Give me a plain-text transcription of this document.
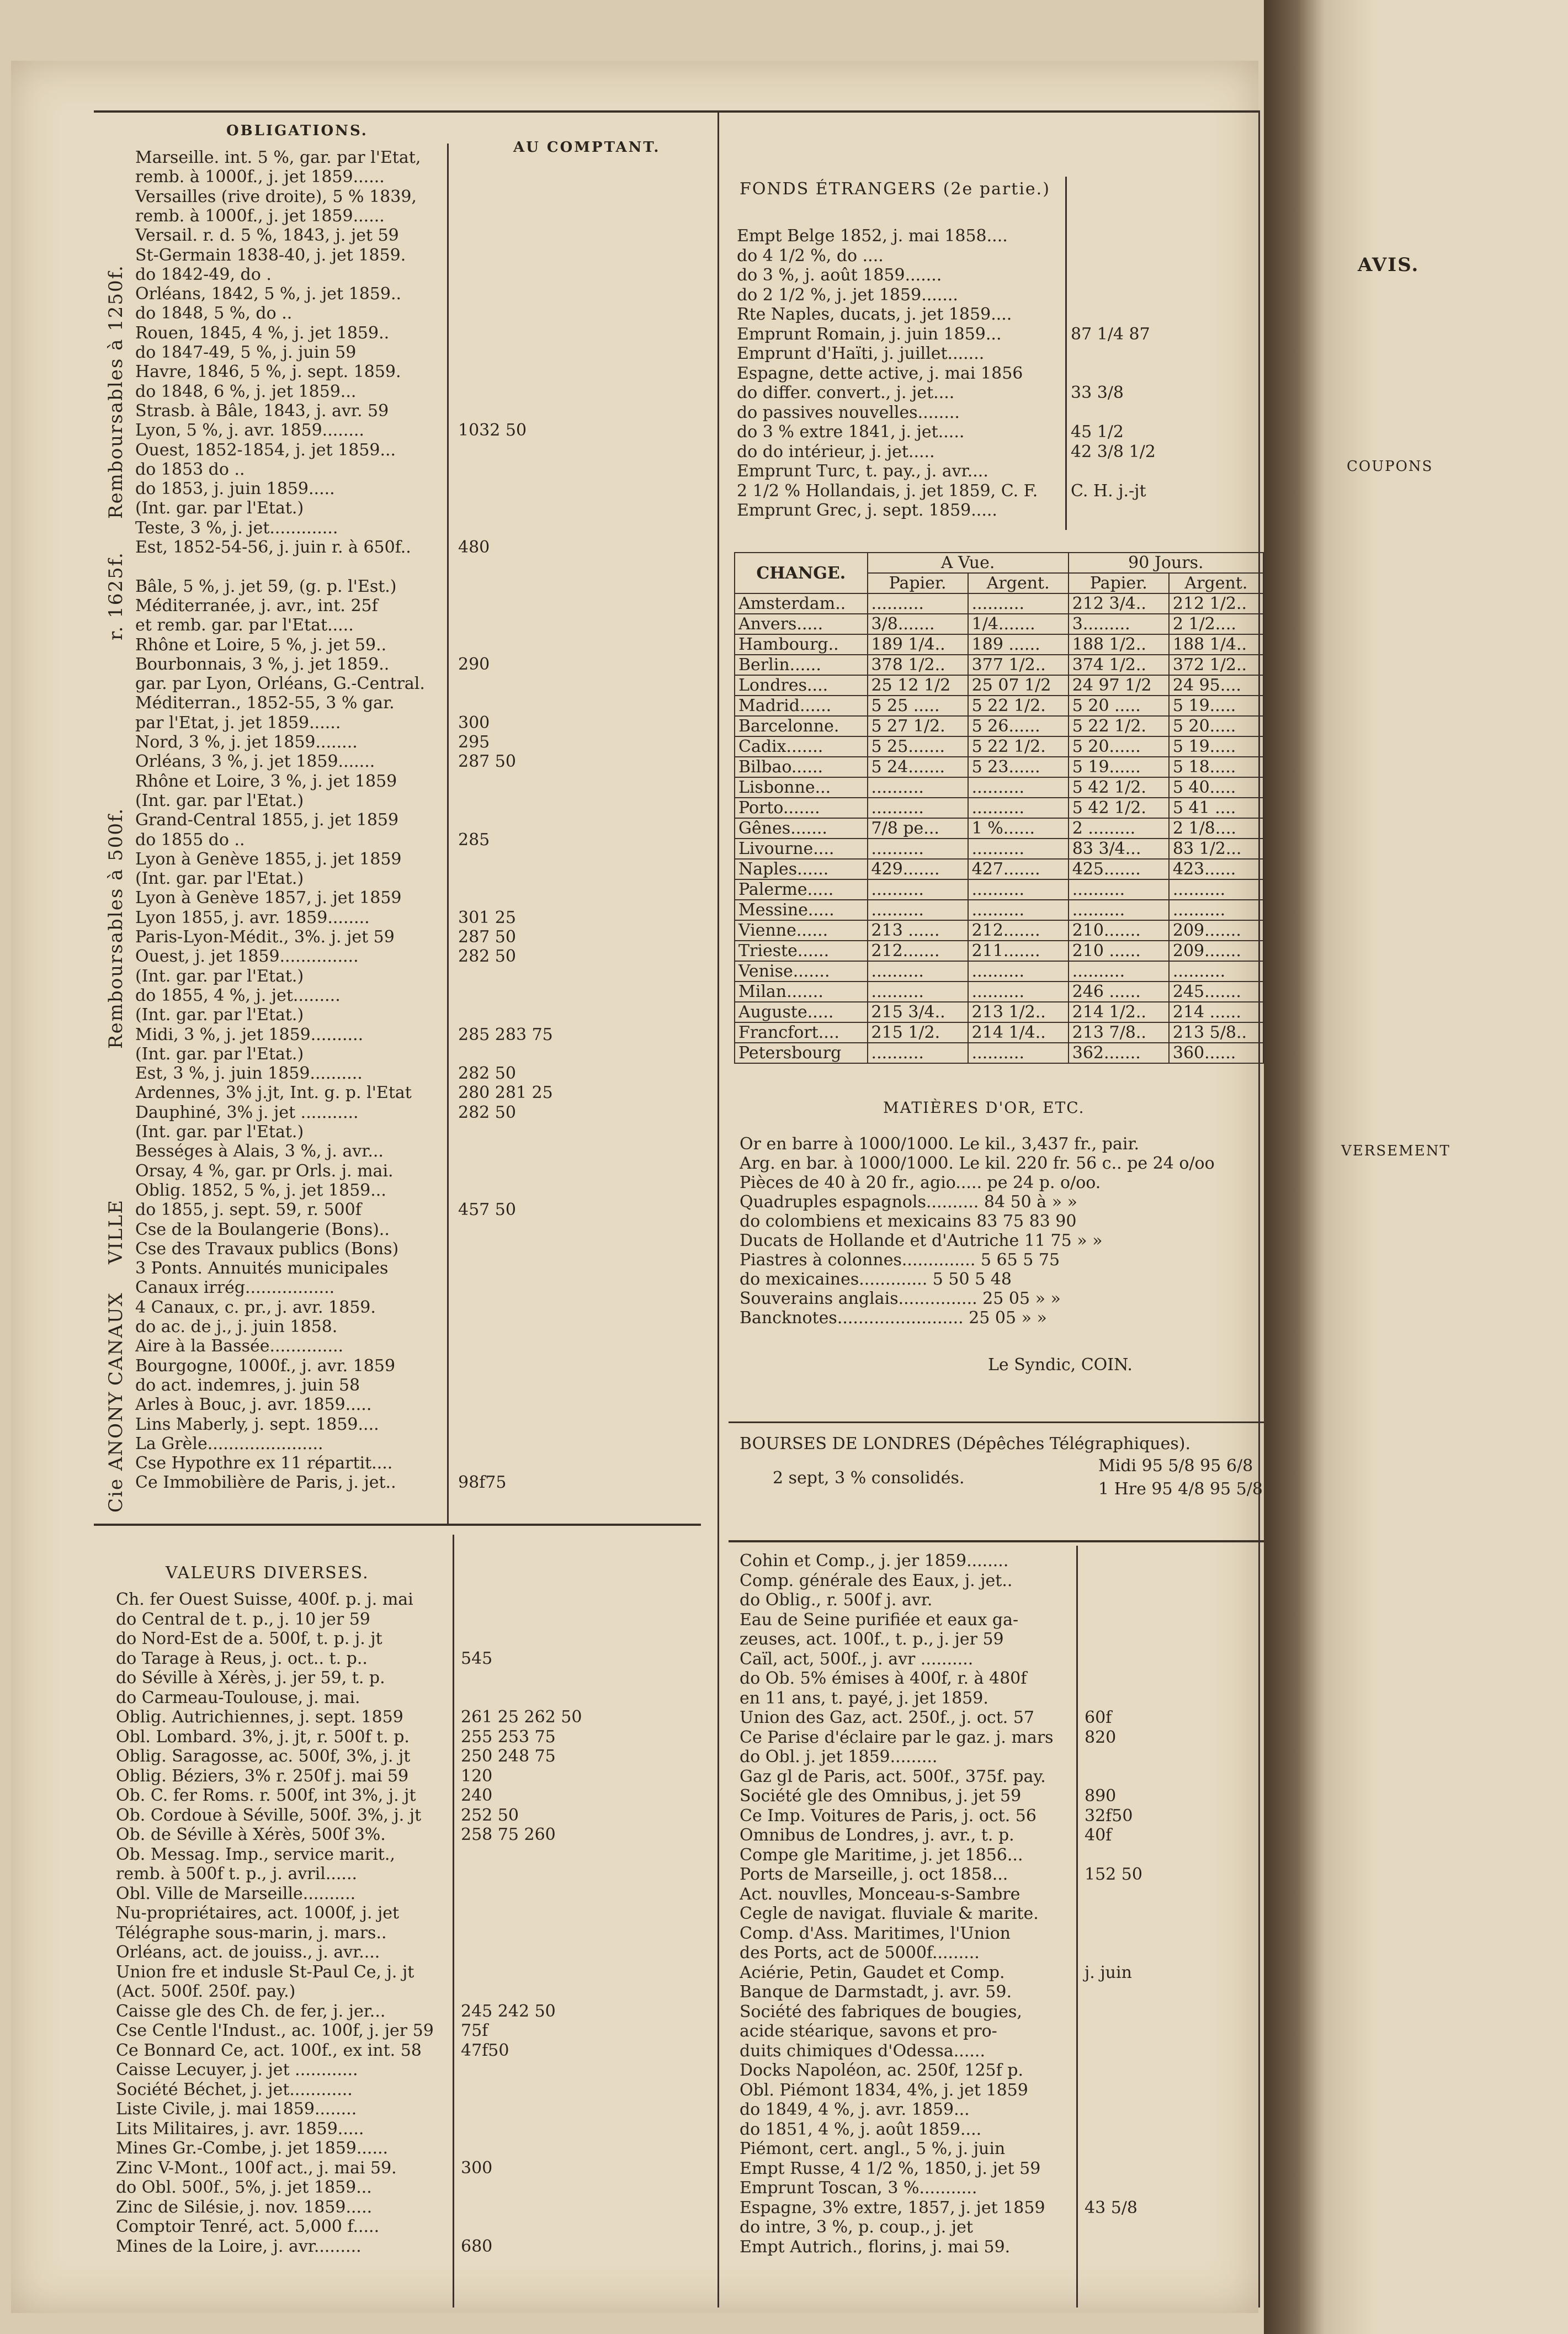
OBLIGATIONS.
AU COMPTANT.
FONDS ÉTRANGERS (2e partie.)
AVIS.
COUPONS
VERSEMENT
Remboursables à 1250f.
r. 1625f.
Remboursables à 500f.
VILLE
CANAUX
Cie ANONY
Marseille. int. 5 %, gar. par l'Etat,
remb. à 1000f., j. jet 1859......
Versailles (rive droite), 5 % 1839,
remb. à 1000f., j. jet 1859......
Versail. r. d. 5 %, 1843, j. jet 59
St-Germain 1838-40, j. jet 1859.
do 1842-49, do .
Orléans, 1842, 5 %, j. jet 1859..
do 1848, 5 %, do ..
Rouen, 1845, 4 %, j. jet 1859..
do 1847-49, 5 %, j. juin 59
Havre, 1846, 5 %, j. sept. 1859.
do 1848, 6 %, j. jet 1859...
Strasb. à Bâle, 1843, j. avr. 59
Lyon, 5 %, j. avr. 1859........	1032 50
Ouest, 1852-1854, j. jet 1859...
do 1853 do ..
do 1853, j. juin 1859.....
(Int. gar. par l'Etat.)
Teste, 3 %, j. jet.............
Est, 1852-54-56, j. juin r. à 650f..	480
Bâle, 5 %, j. jet 59, (g. p. l'Est.)
Méditerranée, j. avr., int. 25f
et remb. gar. par l'Etat.....
Rhône et Loire, 5 %, j. jet 59..
Bourbonnais, 3 %, j. jet 1859..	290
gar. par Lyon, Orléans, G.-Central.
Méditerran., 1852-55, 3 % gar.
par l'Etat, j. jet 1859......	300
Nord, 3 %, j. jet 1859........	295
Orléans, 3 %, j. jet 1859.......	287 50
Rhône et Loire, 3 %, j. jet 1859
(Int. gar. par l'Etat.)
Grand-Central 1855, j. jet 1859
do 1855 do ..	285
Lyon à Genève 1855, j. jet 1859
(Int. gar. par l'Etat.)
Lyon à Genève 1857, j. jet 1859
Lyon 1855, j. avr. 1859........	301 25
Paris-Lyon-Médit., 3%. j. jet 59	287 50
Ouest, j. jet 1859...............	282 50
(Int. gar. par l'Etat.)
do 1855, 4 %, j. jet.........
(Int. gar. par l'Etat.)
Midi, 3 %, j. jet 1859..........	285 283 75
(Int. gar. par l'Etat.)
Est, 3 %, j. juin 1859..........	282 50
Ardennes, 3% j.jt, Int. g. p. l'Etat	280 281 25
Dauphiné, 3% j. jet ...........	282 50
(Int. gar. par l'Etat.)
Bességes à Alais, 3 %, j. avr...
Orsay, 4 %, gar. pr Orls. j. mai.
Oblig. 1852, 5 %, j. jet 1859...
do 1855, j. sept. 59, r. 500f	457 50
Cse de la Boulangerie (Bons)..
Cse des Travaux publics (Bons)
3 Ponts. Annuités municipales
Canaux irrég.................
4 Canaux, c. pr., j. avr. 1859.
do ac. de j., j. juin 1858.
Aire à la Bassée..............
Bourgogne, 1000f., j. avr. 1859
do act. indemres, j. juin 58
Arles à Bouc, j. avr. 1859.....
Lins Maberly, j. sept. 1859....
La Grèle......................
Cse Hypothre ex 11 répartit....
Ce Immobilière de Paris, j. jet..	98f75
VALEURS DIVERSES.
Ch. fer Ouest Suisse, 400f. p. j. mai
do Central de t. p., j. 10 jer 59
do Nord-Est de a. 500f, t. p. j. jt
do Tarage à Reus, j. oct.. t. p..	545
do Séville à Xérès, j. jer 59, t. p.
do Carmeau-Toulouse, j. mai.
Oblig. Autrichiennes, j. sept. 1859	261 25 262 50
Obl. Lombard. 3%, j. jt, r. 500f t. p.	255 253 75
Oblig. Saragosse, ac. 500f, 3%, j. jt	250 248 75
Oblig. Béziers, 3% r. 250f j. mai 59	120
Ob. C. fer Roms. r. 500f, int 3%, j. jt	240
Ob. Cordoue à Séville, 500f. 3%, j. jt 252 50
Ob. de Séville à Xérès, 500f 3%.	258 75 260
Ob. Messag. Imp., service marit.,
remb. à 500f t. p., j. avril......
Obl. Ville de Marseille..........
Nu-propriétaires, act. 1000f, j. jet
Télégraphe sous-marin, j. mars..
Orléans, act. de jouiss., j. avr....
Union fre et indusle St-Paul Ce, j. jt
(Act. 500f. 250f. pay.)
Caisse gle des Ch. de fer, j. jer...	245 242 50
Cse Centle l'Indust., ac. 100f, j. jer 59 75f
Ce Bonnard Ce, act. 100f., ex int. 58 47f50
Caisse Lecuyer, j. jet ............
Société Béchet, j. jet............
Liste Civile, j. mai 1859........
Lits Militaires, j. avr. 1859.....
Mines Gr.-Combe, j. jet 1859......
Zinc V-Mont., 100f act., j. mai 59.	300
do Obl. 500f., 5%, j. jet 1859...
Zinc de Silésie, j. nov. 1859.....
Comptoir Tenré, act. 5,000 f.....
Mines de la Loire, j. avr.........	680
Empt Belge 1852, j. mai 1858....
do 4 1/2 %, do ....
do 3 %, j. août 1859.......
do 2 1/2 %, j. jet 1859.......
Rte Naples, ducats, j. jet 1859....
Emprunt Romain, j. juin 1859...	87 1/4 87
Emprunt d'Haïti, j. juillet.......
Espagne, dette active, j. mai 1856
do differ. convert., j. jet....	33 3/8
do passives nouvelles........
do 3 % extre 1841, j. jet.....	45 1/2
do do intérieur, j. jet.....	42 3/8 1/2
Emprunt Turc, t. pay., j. avr....
2 1/2 % Hollandais, j. jet 1859, C. F. C. H. j.-jt
Emprunt Grec, j. sept. 1859.....
CHANGE.	A Vue.		90 Jours.	
	Papier.	Argent.	Papier.	Argent.
Amsterdam..	..........	..........	212 3/4..	212 1/2..
Anvers.....	3/8.......	1/4.......	3.........	2 1/2....
Hambourg..	189 1/4..	189 ......	188 1/2..	188 1/4..
Berlin......	378 1/2..	377 1/2..	374 1/2..	372 1/2..
Londres....	25 12 1/2	25 07 1/2	24 97 1/2	24 95....
Madrid......	5 25 .....	5 22 1/2.	5 20 .....	5 19.....
Barcelonne.	5 27 1/2.	5 26......	5 22 1/2.	5 20.....
Cadix.......	5 25.......	5 22 1/2.	5 20......	5 19.....
Bilbao......	5 24.......	5 23......	5 19......	5 18.....
Lisbonne...	..........	..........	5 42 1/2.	5 40.....
Porto.......	..........	..........	5 42 1/2.	5 41 ....
Gênes.......	7/8 pe...	1 %......	2 .........	2 1/8....
Livourne....	..........	..........	83 3/4...	83 1/2...
Naples......	429.......	427.......	425.......	423......
Palerme.....	..........	..........	..........	..........
Messine.....	..........	..........	..........	..........
Vienne......	213 ......	212.......	210.......	209.......
Trieste......	212.......	211.......	210 ......	209.......
Venise.......	..........	..........	..........	..........
Milan.......	..........	..........	246 ......	245.......
Auguste.....	215 3/4..	213 1/2..	214 1/2..	214 ......
Francfort....	215 1/2.	214 1/4..	213 7/8..	213 5/8..
Petersbourg	..........	..........	362.......	360......
MATIÈRES D'OR, ETC.
Or en barre à 1000/1000. Le kil., 3,437 fr., pair.
Arg. en bar. à 1000/1000. Le kil. 220 fr. 56 c.. pe 24 o/oo
Pièces de 40 à 20 fr., agio..... pe 24 p. o/oo.
Quadruples espagnols.......... 84 50 à » »
do colombiens et mexicains 83 75 83 90
Ducats de Hollande et d'Autriche 11 75 » »
Piastres à colonnes.............. 5 65 5 75
do mexicaines............. 5 50 5 48
Souverains anglais............... 25 05 » »
Bancknotes........................ 25 05 » »
Le Syndic, COIN.
BOURSES DE LONDRES (Dépêches Télégraphiques).
2 sept, 3 % consolidés.
Midi 95 5/8 95 6/8
1 Hre 95 4/8 95 5/8
Cohin et Comp., j. jer 1859........
Comp. générale des Eaux, j. jet..
do Oblig., r. 500f j. avr.
Eau de Seine purifiée et eaux ga-
zeuses, act. 100f., t. p., j. jer 59
Caïl, act, 500f., j. avr ..........
do Ob. 5% émises à 400f, r. à 480f
en 11 ans, t. payé, j. jet 1859.
Union des Gaz, act. 250f., j. oct. 57	60f
Ce Parise d'éclaire par le gaz. j. mars 820
do Obl. j. jet 1859.........
Gaz gl de Paris, act. 500f., 375f. pay.
Société gle des Omnibus, j. jet 59	890
Ce Imp. Voitures de Paris, j. oct. 56	32f50
Omnibus de Londres, j. avr., t. p.	40f
Compe gle Maritime, j. jet 1856...
Ports de Marseille, j. oct 1858...	152 50
Act. nouvlles, Monceau-s-Sambre
Cegle de navigat. fluviale & marite.
Comp. d'Ass. Maritimes, l'Union
des Ports, act de 5000f.........
Aciérie, Petin, Gaudet et Comp.	j. juin
Banque de Darmstadt, j. avr. 59.
Société des fabriques de bougies,
acide stéarique, savons et pro-
duits chimiques d'Odessa......
Docks Napoléon, ac. 250f, 125f p.
Obl. Piémont 1834, 4%, j. jet 1859
do 1849, 4 %, j. avr. 1859...
do 1851, 4 %, j. août 1859....
Piémont, cert. angl., 5 %, j. juin
Empt Russe, 4 1/2 %, 1850, j. jet 59
Emprunt Toscan, 3 %...........
Espagne, 3% extre, 1857, j. jet 1859 43 5/8
do intre, 3 %, p. coup., j. jet
Empt Autrich., florins, j. mai 59.
